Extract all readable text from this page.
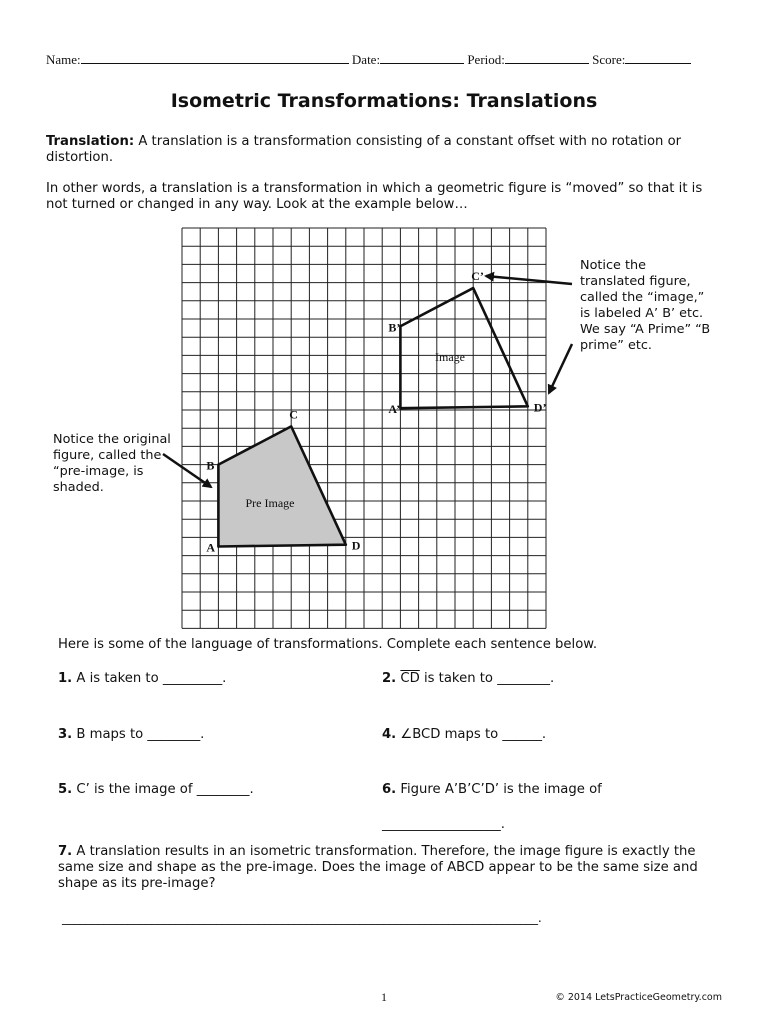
Name:	Date:	Period:	Score:
Isometric Transformations: Translations
Translation: A translation is a transformation consisting of a constant offset with no rotation or distortion.
In other words, a translation is a transformation in which a geometric figure is “moved” so that it is not turned or changed in any way. Look at the example below…
Pre Image
Image
A
B
C
D
A’
B’
C’
D’
Notice the
translated figure,
called the “image,”
is labeled A’ B’ etc.
We say “A Prime” “B
prime” etc.
Notice the original
figure, called the
“pre-image, is
shaded.
Here is some of the language of transformations. Complete each sentence below.
1. A is taken to _________.	2. $\overline{CD}$ is taken to ________.
3. B maps to ________.	4. ∠BCD maps to ______.
5. C’ is the image of ________.	6. Figure A’B’C’D’ is the image of
__________________.
7. A translation results in an isometric transformation. Therefore, the image figure is exactly the same size and shape as the pre-image. Does the image of ABCD appear to be the same size and shape as its pre-image?
________________________________________________________________________________.
1	© 2014 LetsPracticeGeometry.com
